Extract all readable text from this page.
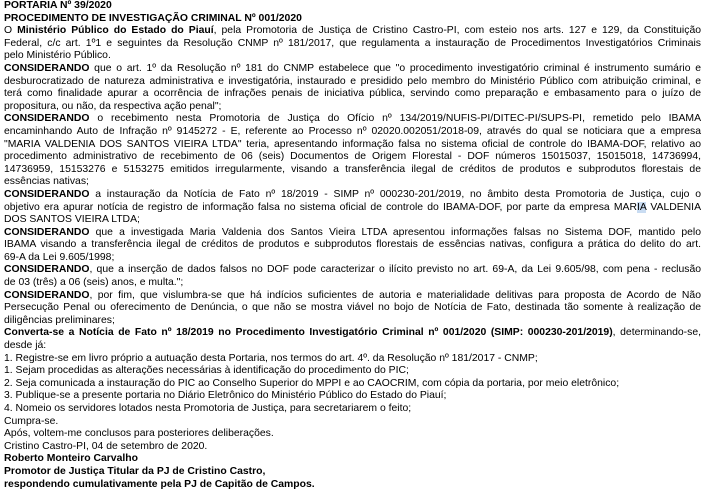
PORTARIA Nº 39/2020
PROCEDIMENTO DE INVESTIGAÇÃO CRIMINAL Nº 001/2020
O Ministério Público do Estado do Piauí, pela Promotoria de Justiça de Cristino Castro-PI, com esteio nos arts. 127 e 129, da Constituição
Federal, c/c art. 1º1 e seguintes da Resolução CNMP nº 181/2017, que regulamenta a instauração de Procedimentos Investigatórios Criminais
pelo Ministério Público.
CONSIDERANDO que o art. 1º da Resolução nº 181 do CNMP estabelece que "o procedimento investigatório criminal é instrumento sumário e
desburocratizado de natureza administrativa e investigatória, instaurado e presidido pelo membro do Ministério Público com atribuição criminal, e
terá como finalidade apurar a ocorrência de infrações penais de iniciativa pública, servindo como preparação e embasamento para o juízo de
propositura, ou não, da respectiva ação penal";
CONSIDERANDO o recebimento nesta Promotoria de Justiça do Ofício nº 134/2019/NUFIS-PI/DITEC-PI/SUPS-PI, remetido pelo IBAMA
encaminhando Auto de Infração nº 9145272 - E, referente ao Processo nº 02020.002051/2018-09, através do qual se noticiara que a empresa
"MARIA VALDENIA DOS SANTOS VIEIRA LTDA" teria, apresentando informação falsa no sistema oficial de controle do IBAMA-DOF, relativo ao
procedimento administrativo de recebimento de 06 (seis) Documentos de Origem Florestal - DOF números 15015037, 15015018, 14736994,
14736959, 15153276 e 5153275 emitidos irregularmente, visando a transferência ilegal de créditos de produtos e subprodutos florestais de
essências nativas;
CONSIDERANDO a instauração da Notícia de Fato nº 18/2019 - SIMP nº 000230-201/2019, no âmbito desta Promotoria de Justiça, cujo o
objetivo era apurar notícia de registro de informação falsa no sistema oficial de controle do IBAMA-DOF, por parte da empresa MARIA VALDENIA
DOS SANTOS VIEIRA LTDA;
CONSIDERANDO que a investigada Maria Valdenia dos Santos Vieira LTDA apresentou informações falsas no Sistema DOF, mantido pelo
IBAMA visando a transferência ilegal de créditos de produtos e subprodutos florestais de essências nativas, configura a prática do delito do art.
69-A da Lei 9.605/1998;
CONSIDERANDO, que a inserção de dados falsos no DOF pode caracterizar o ilícito previsto no art. 69-A, da Lei 9.605/98, com pena - reclusão
de 03 (três) a 06 (seis) anos, e multa.";
CONSIDERANDO, por fim, que vislumbra-se que há indícios suficientes de autoria e materialidade delitivas para proposta de Acordo de Não
Persecução Penal ou oferecimento de Denúncia, o que não se mostra viável no bojo de Notícia de Fato, destinada tão somente à realização de
diligências preliminares;
Converta-se a Notícia de Fato nº 18/2019 no Procedimento Investigatório Criminal nº 001/2020 (SIMP: 000230-201/2019), determinando-se,
desde já:
1. Registre-se em livro próprio a autuação desta Portaria, nos termos do art. 4º. da Resolução nº 181/2017 - CNMP;
1. Sejam procedidas as alterações necessárias à identificação do procedimento do PIC;
2. Seja comunicada a instauração do PIC ao Conselho Superior do MPPI e ao CAOCRIM, com cópia da portaria, por meio eletrônico;
3. Publique-se a presente portaria no Diário Eletrônico do Ministério Público do Estado do Piauí;
4. Nomeio os servidores lotados nesta Promotoria de Justiça, para secretariarem o feito;
Cumpra-se.
Após, voltem-me conclusos para posteriores deliberações.
Cristino Castro-PI, 04 de setembro de 2020.
Roberto Monteiro Carvalho
Promotor de Justiça Titular da PJ de Cristino Castro,
respondendo cumulativamente pela PJ de Capitão de Campos.
